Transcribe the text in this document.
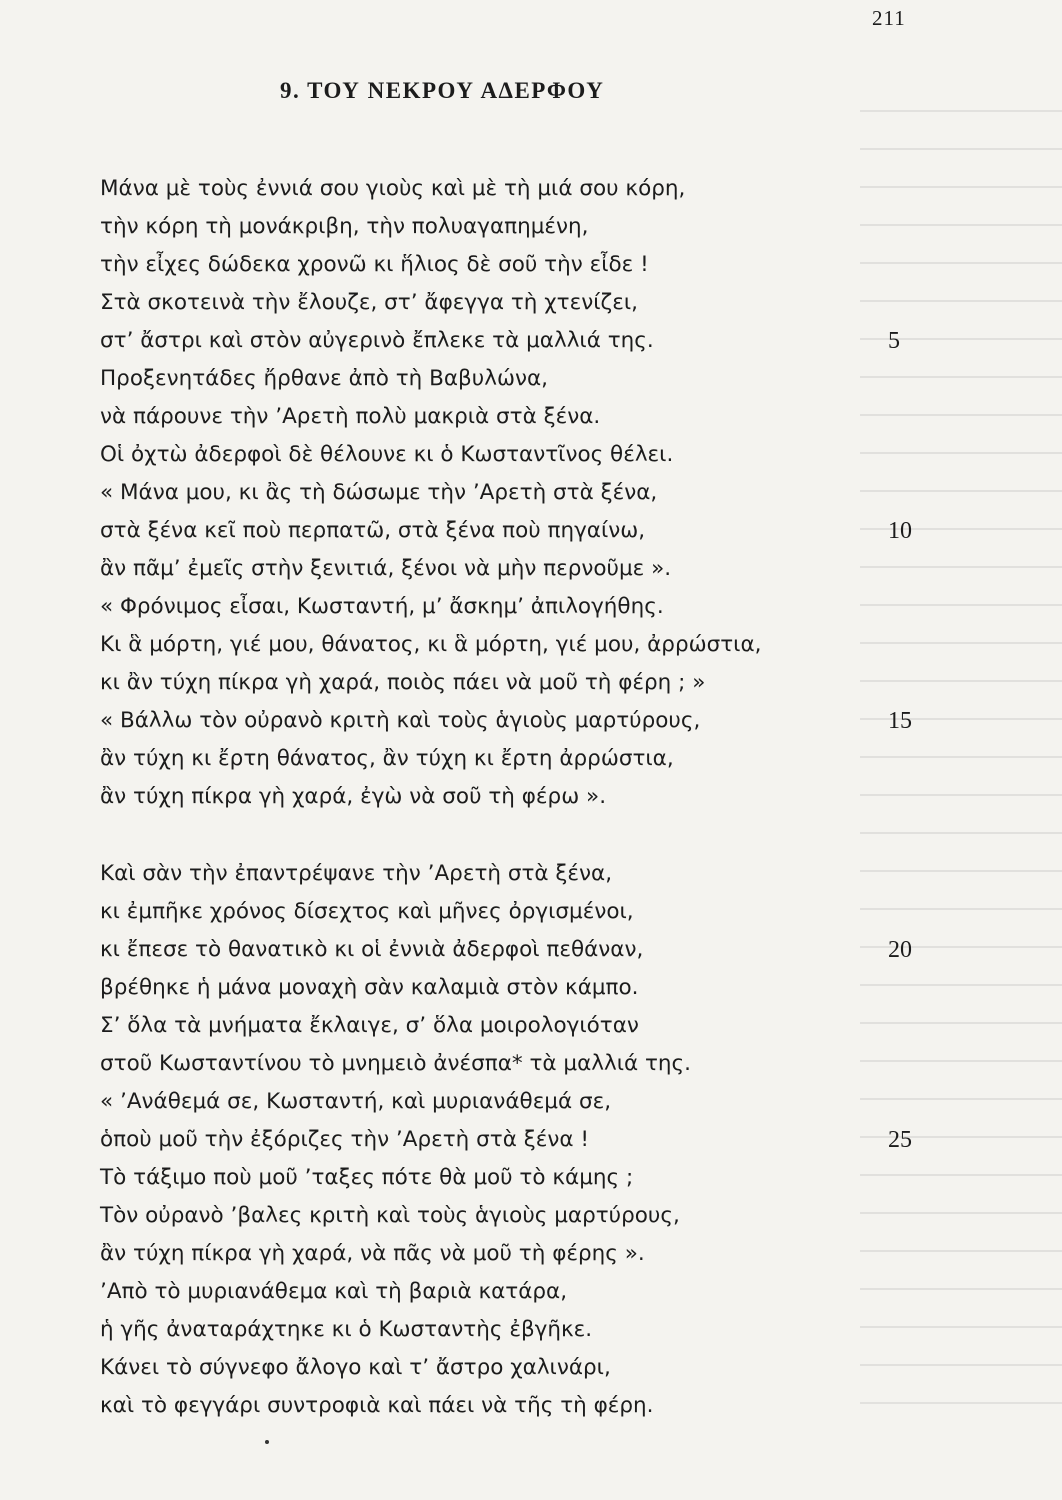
211
9. ΤΟΥ ΝΕΚΡΟΥ ΑΔΕΡΦΟΥ
Μάνα μὲ τοὺς ἐννιά σου γιοὺς καὶ μὲ τὴ μιά σου κόρη,
τὴν κόρη τὴ μονάκριβη, τὴν πολυαγαπημένη,
τὴν εἶχες δώδεκα χρονῶ κι ἥλιος δὲ σοῦ τὴν εἶδε !
Στὰ σκοτεινὰ τὴν ἔλουζε, στ’ ἄφεγγα τὴ χτενίζει,
στ’ ἄστρι καὶ στὸν αὐγερινὸ ἔπλεκε τὰ μαλλιά της.
Προξενητάδες ἤρθανε ἀπὸ τὴ Βαβυλώνα,
νὰ πάρουνε τὴν ’Αρετὴ πολὺ μακριὰ στὰ ξένα.
Οἱ ὀχτὼ ἀδερφοὶ δὲ θέλουνε κι ὁ Κωσταντῖνος θέλει.
« Μάνα μου, κι ἂς τὴ δώσωμε τὴν ’Αρετὴ στὰ ξένα,
στὰ ξένα κεῖ ποὺ περπατῶ, στὰ ξένα ποὺ πηγαίνω,
ἂν πᾶμ’ ἐμεῖς στὴν ξενιτιά, ξένοι νὰ μὴν περνοῦμε ».
« Φρόνιμος εἶσαι, Κωσταντή, μ’ ἄσκημ’ ἀπιλογήθης.
Κι ἃ μόρτη, γιέ μου, θάνατος, κι ἃ μόρτη, γιέ μου, ἀρρώστια,
κι ἂν τύχη πίκρα γὴ χαρά, ποιὸς πάει νὰ μοῦ τὴ φέρη ; »
« Βάλλω τὸν οὐρανὸ κριτὴ καὶ τοὺς ἁγιοὺς μαρτύρους,
ἂν τύχη κι ἔρτη θάνατος, ἂν τύχη κι ἔρτη ἀρρώστια,
ἂν τύχη πίκρα γὴ χαρά, ἐγὼ νὰ σοῦ τὴ φέρω ».
Καὶ σὰν τὴν ἐπαντρέψανε τὴν ’Αρετὴ στὰ ξένα,
κι ἐμπῆκε χρόνος δίσεχτος καὶ μῆνες ὀργισμένοι,
κι ἔπεσε τὸ θανατικὸ κι οἱ ἐννιὰ ἀδερφοὶ πεθάναν,
βρέθηκε ἡ μάνα μοναχὴ σὰν καλαμιὰ στὸν κάμπο.
Σ’ ὅλα τὰ μνήματα ἔκλαιγε, σ’ ὅλα μοιρολογιόταν
στοῦ Κωσταντίνου τὸ μνημειὸ ἀνέσπα* τὰ μαλλιά της.
« ’Ανάθεμά σε, Κωσταντή, καὶ μυριανάθεμά σε,
ὁποὺ μοῦ τὴν ἐξόριζες τὴν ’Αρετὴ στὰ ξένα !
Τὸ τάξιμο ποὺ μοῦ ’ταξες πότε θὰ μοῦ τὸ κάμης ;
Τὸν οὐρανὸ ’βαλες κριτὴ καὶ τοὺς ἁγιοὺς μαρτύρους,
ἂν τύχη πίκρα γὴ χαρά, νὰ πᾶς νὰ μοῦ τὴ φέρης ».
’Απὸ τὸ μυριανάθεμα καὶ τὴ βαριὰ κατάρα,
ἡ γῆς ἀναταράχτηκε κι ὁ Κωσταντὴς ἐβγῆκε.
Κάνει τὸ σύγνεφο ἄλογο καὶ τ’ ἄστρο χαλινάρι,
καὶ τὸ φεγγάρι συντροφιὰ καὶ πάει νὰ τῆς τὴ φέρη.
5
10
15
20
25
